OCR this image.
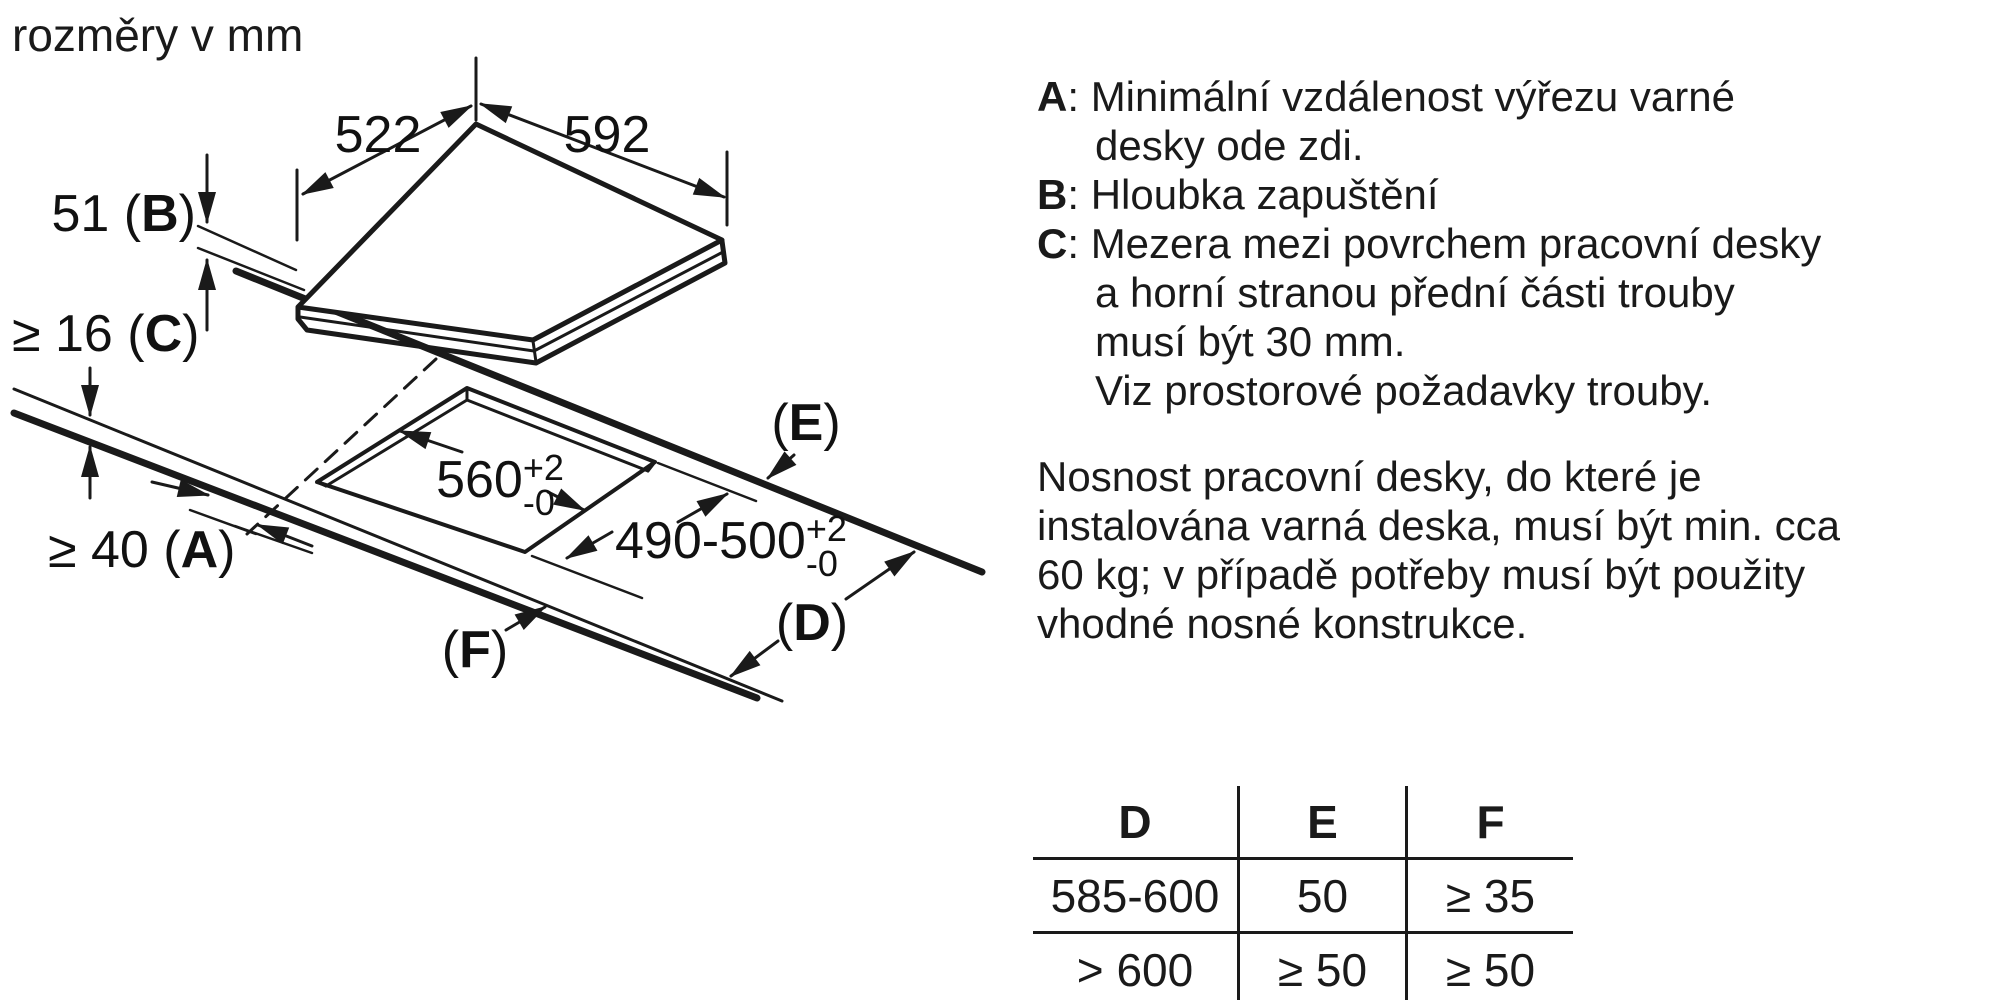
rozměry v mm
522	592
51 (B)
≥ 16 (C)
≥ 40 (A)
$560^{+2}$ -0
$490-500^{+2}$ -0
(E)
(D)
(F)
A: Minimální vzdálenost výřezu varné desky ode zdi.
B: Hloubka zapuštění
C: Mezera mezi povrchem pracovní desky a horní stranou přední části trouby musí být 30 mm.
Viz prostorové požadavky trouby.
Nosnost pracovní desky, do které je instalována varná deska, musí být min. cca 60 kg; v případě potřeby musí být použity vhodné nosné konstrukce.
D	E	F
585-600	50	≥ 35
> 600	≥ 50	≥ 50
